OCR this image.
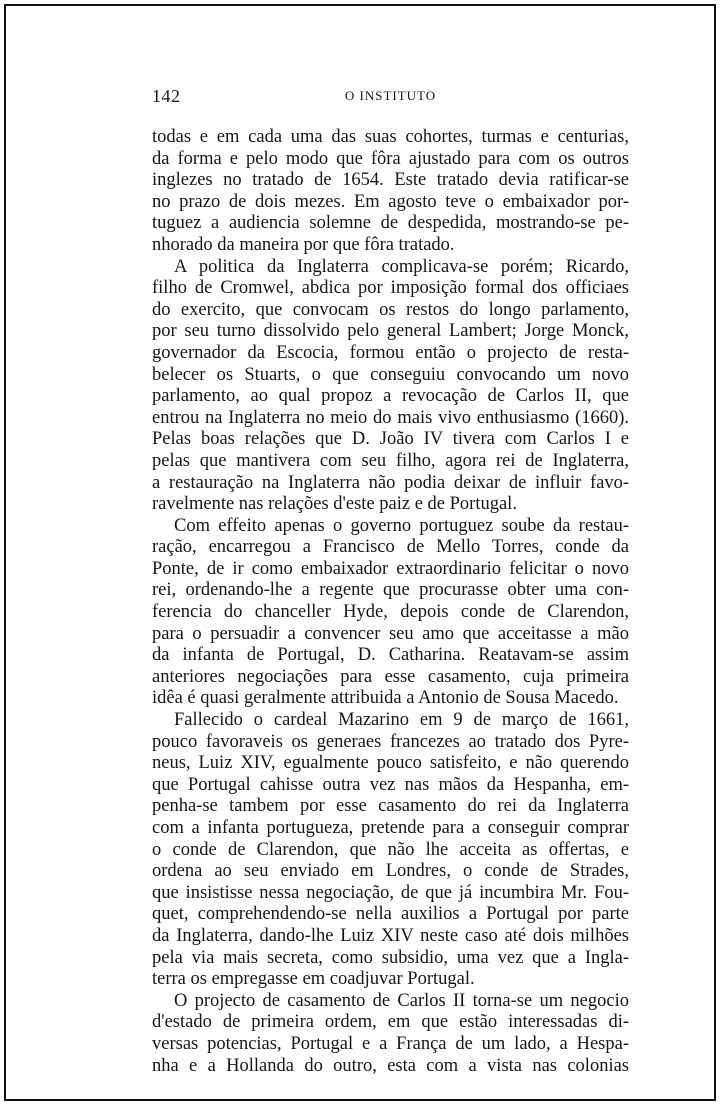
142	O INSTITUTO
todas e em cada uma das suas cohortes, turmas e centurias,
da forma e pelo modo que fôra ajustado para com os outros
inglezes no tratado de 1654. Este tratado devia ratificar-se
no prazo de dois mezes. Em agosto teve o embaixador por-
tuguez a audiencia solemne de despedida, mostrando-se pe-
nhorado da maneira por que fôra tratado.
A politica da Inglaterra complicava-se porém; Ricardo,
filho de Cromwel, abdica por imposição formal dos officiaes
do exercito, que convocam os restos do longo parlamento,
por seu turno dissolvido pelo general Lambert; Jorge Monck,
governador da Escocia, formou então o projecto de resta-
belecer os Stuarts, o que conseguiu convocando um novo
parlamento, ao qual propoz a revocação de Carlos II, que
entrou na Inglaterra no meio do mais vivo enthusiasmo (1660).
Pelas boas relações que D. João IV tivera com Carlos I e
pelas que mantivera com seu filho, agora rei de Inglaterra,
a restauração na Inglaterra não podia deixar de influir favo-
ravelmente nas relações d'este paiz e de Portugal.
Com effeito apenas o governo portuguez soube da restau-
ração, encarregou a Francisco de Mello Torres, conde da
Ponte, de ir como embaixador extraordinario felicitar o novo
rei, ordenando-lhe a regente que procurasse obter uma con-
ferencia do chanceller Hyde, depois conde de Clarendon,
para o persuadir a convencer seu amo que acceitasse a mão
da infanta de Portugal, D. Catharina. Reatavam-se assim
anteriores negociações para esse casamento, cuja primeira
idêa é quasi geralmente attribuida a Antonio de Sousa Macedo.
Fallecido o cardeal Mazarino em 9 de março de 1661,
pouco favoraveis os generaes francezes ao tratado dos Pyre-
neus, Luiz XIV, egualmente pouco satisfeito, e não querendo
que Portugal cahisse outra vez nas mãos da Hespanha, em-
penha-se tambem por esse casamento do rei da Inglaterra
com a infanta portugueza, pretende para a conseguir comprar
o conde de Clarendon, que não lhe acceita as offertas, e
ordena ao seu enviado em Londres, o conde de Strades,
que insistisse nessa negociação, de que já incumbira Mr. Fou-
quet, comprehendendo-se nella auxilios a Portugal por parte
da Inglaterra, dando-lhe Luiz XIV neste caso até dois milhões
pela via mais secreta, como subsidio, uma vez que a Ingla-
terra os empregasse em coadjuvar Portugal.
O projecto de casamento de Carlos II torna-se um negocio
d'estado de primeira ordem, em que estão interessadas di-
versas potencias, Portugal e a França de um lado, a Hespa-
nha e a Hollanda do outro, esta com a vista nas colonias
